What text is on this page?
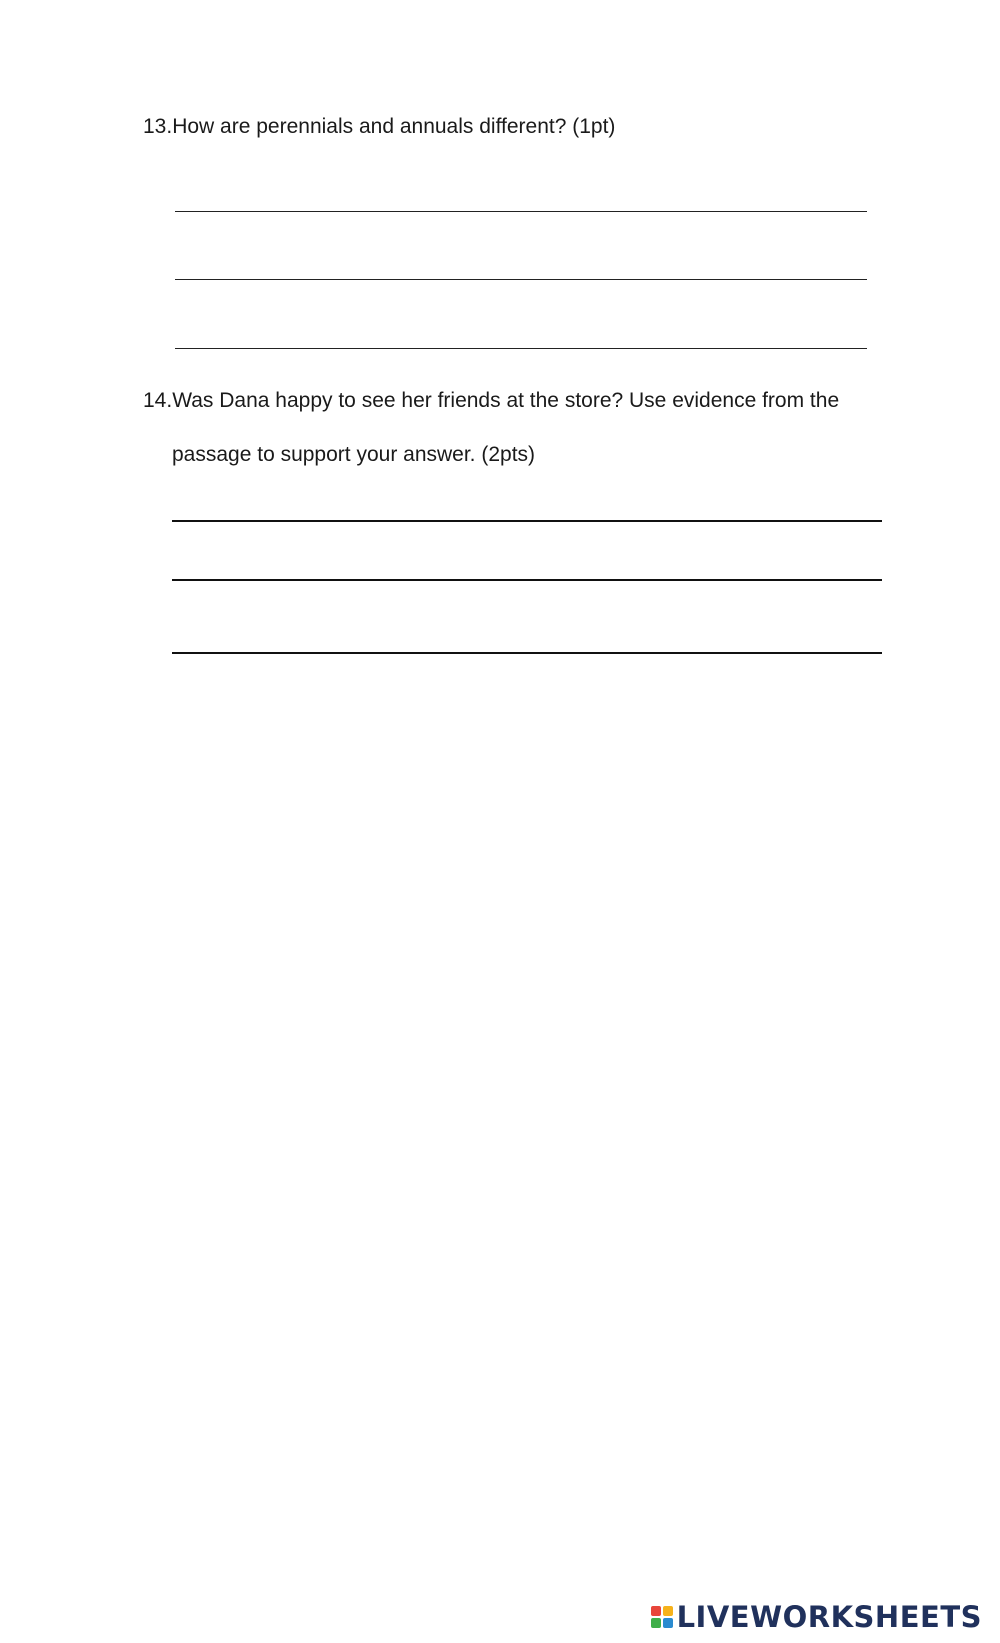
13.How are perennials and annuals different? (1pt)
14.Was Dana happy to see her friends at the store? Use evidence from the
passage to support your answer. (2pts)
LIVEWORKSHEETS
